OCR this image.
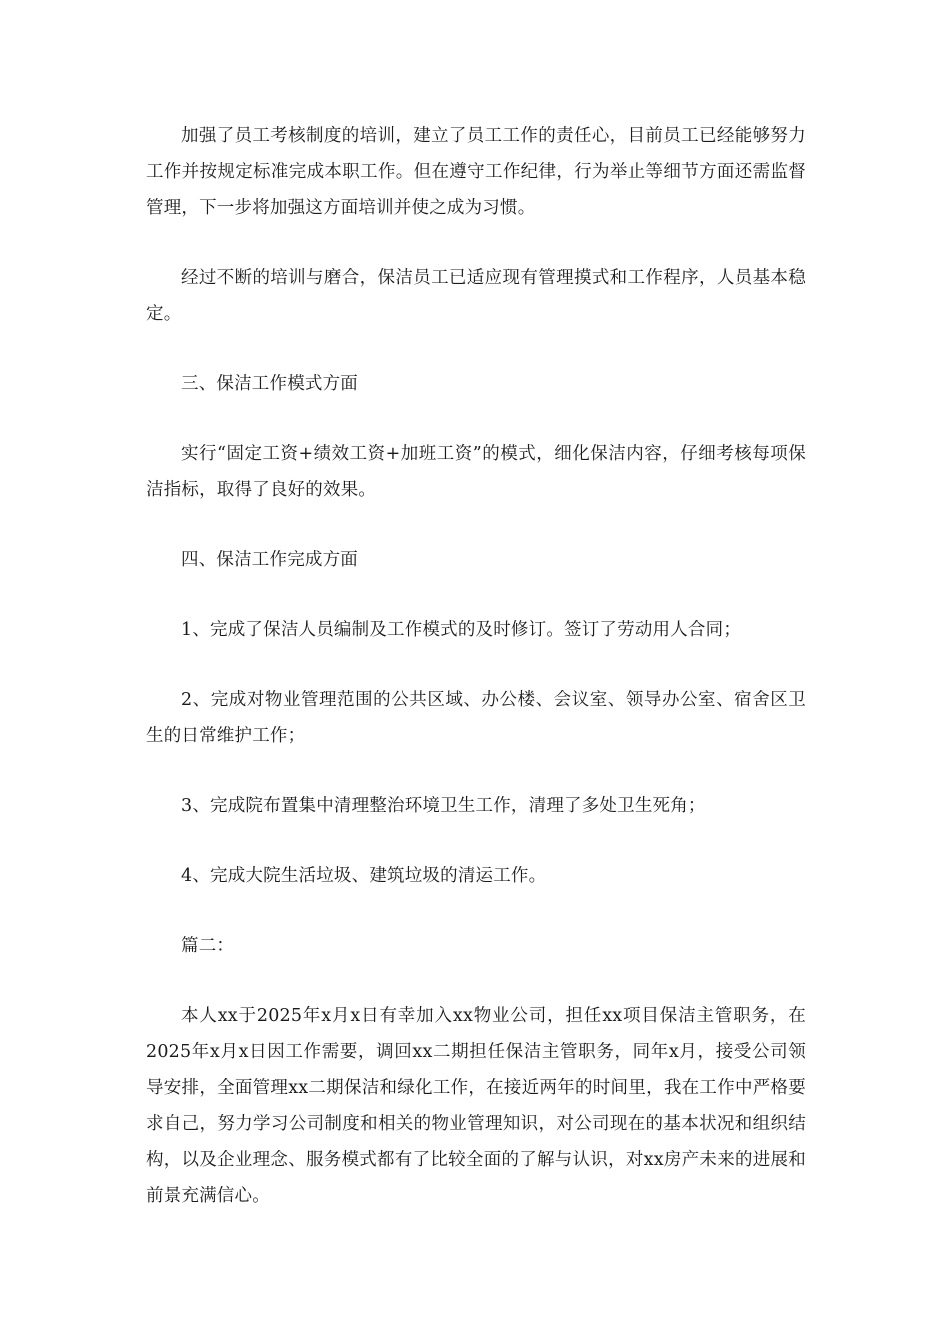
加强了员工考核制度的培训，建立了员工工作的责任心，目前员工已经能够努力工作并按规定标准完成本职工作。但在遵守工作纪律，行为举止等细节方面还需监督管理，下一步将加强这方面培训并使之成为习惯。

经过不断的培训与磨合，保洁员工已适应现有管理摸式和工作程序，人员基本稳定。

三、保洁工作模式方面

实行“固定工资+绩效工资+加班工资”的模式，细化保洁内容，仔细考核每项保洁指标，取得了良好的效果。

四、保洁工作完成方面

1、完成了保洁人员编制及工作模式的及时修订。签订了劳动用人合同；

2、完成对物业管理范围的公共区域、办公楼、会议室、领导办公室、宿舍区卫生的日常维护工作；

3、完成院布置集中清理整治环境卫生工作，清理了多处卫生死角；

4、完成大院生活垃圾、建筑垃圾的清运工作。

篇二：

本人xx于2025年x月x日有幸加入xx物业公司，担任xx项目保洁主管职务，在2025年x月x日因工作需要，调回xx二期担任保洁主管职务，同年x月，接受公司领导安排，全面管理xx二期保洁和绿化工作，在接近两年的时间里，我在工作中严格要求自己，努力学习公司制度和相关的物业管理知识，对公司现在的基本状况和组织结构，以及企业理念、服务模式都有了比较全面的了解与认识，对xx房产未来的进展和前景充满信心。
